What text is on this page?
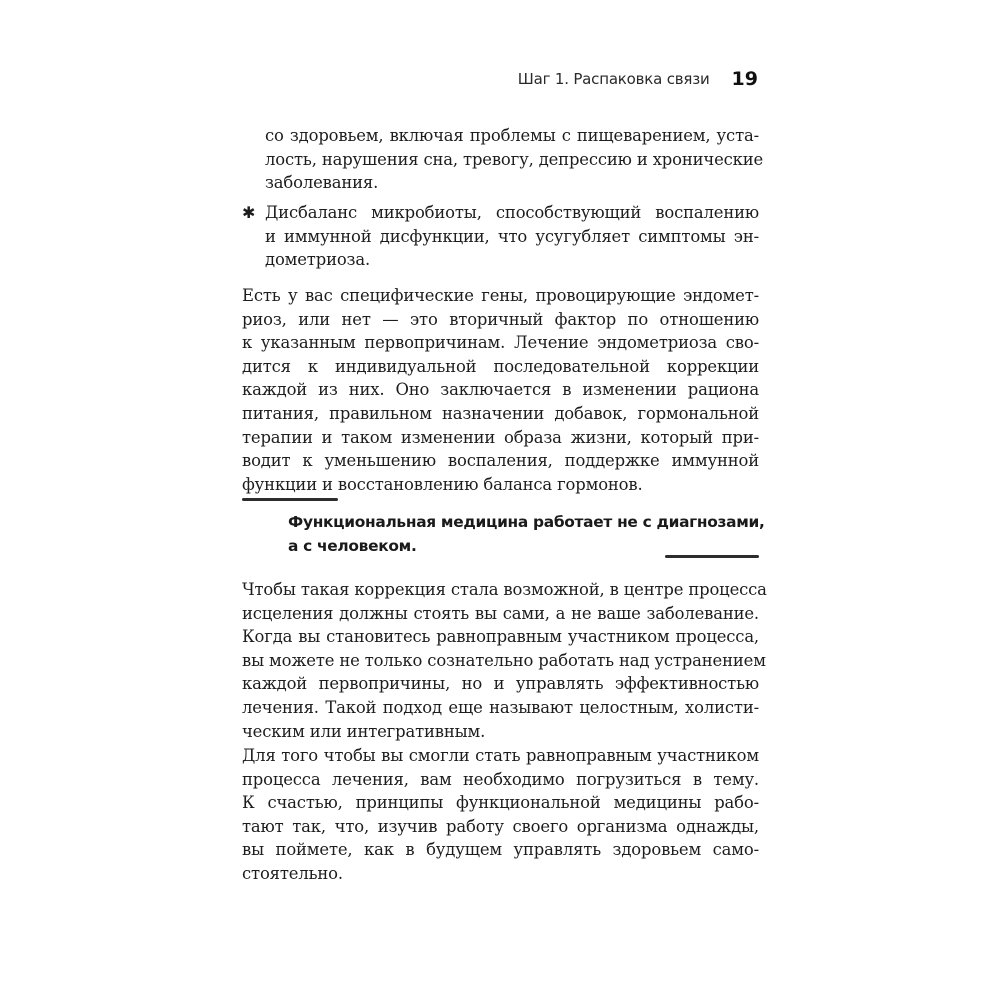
Шаг 1. Распаковка связи 19
со здоровьем, включая проблемы с пищеварением, уста-
лость, нарушения сна, тревогу, депрессию и хронические
заболевания.
✱ Дисбаланс микробиоты, способствующий воспалению
и иммунной дисфункции, что усугубляет симптомы эн-
дометриоза.
Есть у вас специфические гены, провоцирующие эндомет-
риоз, или нет — это вторичный фактор по отношению
к указанным первопричинам. Лечение эндометриоза сво-
дится к индивидуальной последовательной коррекции
каждой из них. Оно заключается в изменении рациона
питания, правильном назначении добавок, гормональной
терапии и таком изменении образа жизни, который при-
водит к уменьшению воспаления, поддержке иммунной
функции и восстановлению баланса гормонов.
Функциональная медицина работает не с диагнозами,
а с человеком.
Чтобы такая коррекция стала возможной, в центре процесса
исцеления должны стоять вы сами, а не ваше заболевание.
Когда вы становитесь равноправным участником процесса,
вы можете не только сознательно работать над устранением
каждой первопричины, но и управлять эффективностью
лечения. Такой подход еще называют целостным, холисти-
ческим или интегративным.
Для того чтобы вы смогли стать равноправным участником
процесса лечения, вам необходимо погрузиться в тему.
К счастью, принципы функциональной медицины рабо-
тают так, что, изучив работу своего организма однажды,
вы поймете, как в будущем управлять здоровьем само-
стоятельно.
